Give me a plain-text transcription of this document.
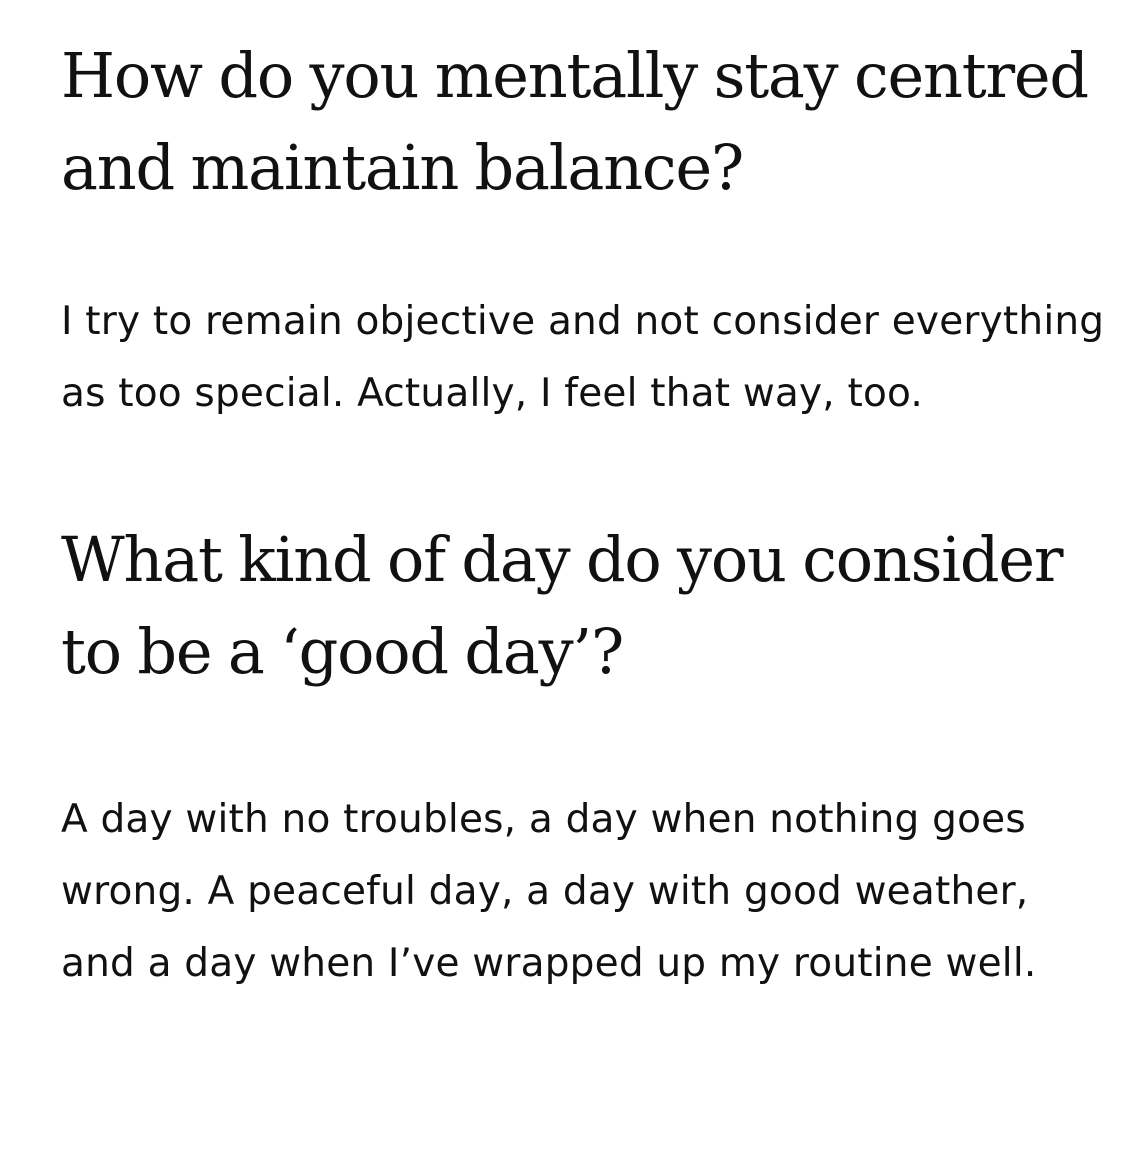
How do you mentally stay centred and maintain balance?

I try to remain objective and not consider everything as too special. Actually, I feel that way, too.

What kind of day do you consider to be a ‘good day’?

A day with no troubles, a day when nothing goes wrong. A peaceful day, a day with good weather, and a day when I’ve wrapped up my routine well.
